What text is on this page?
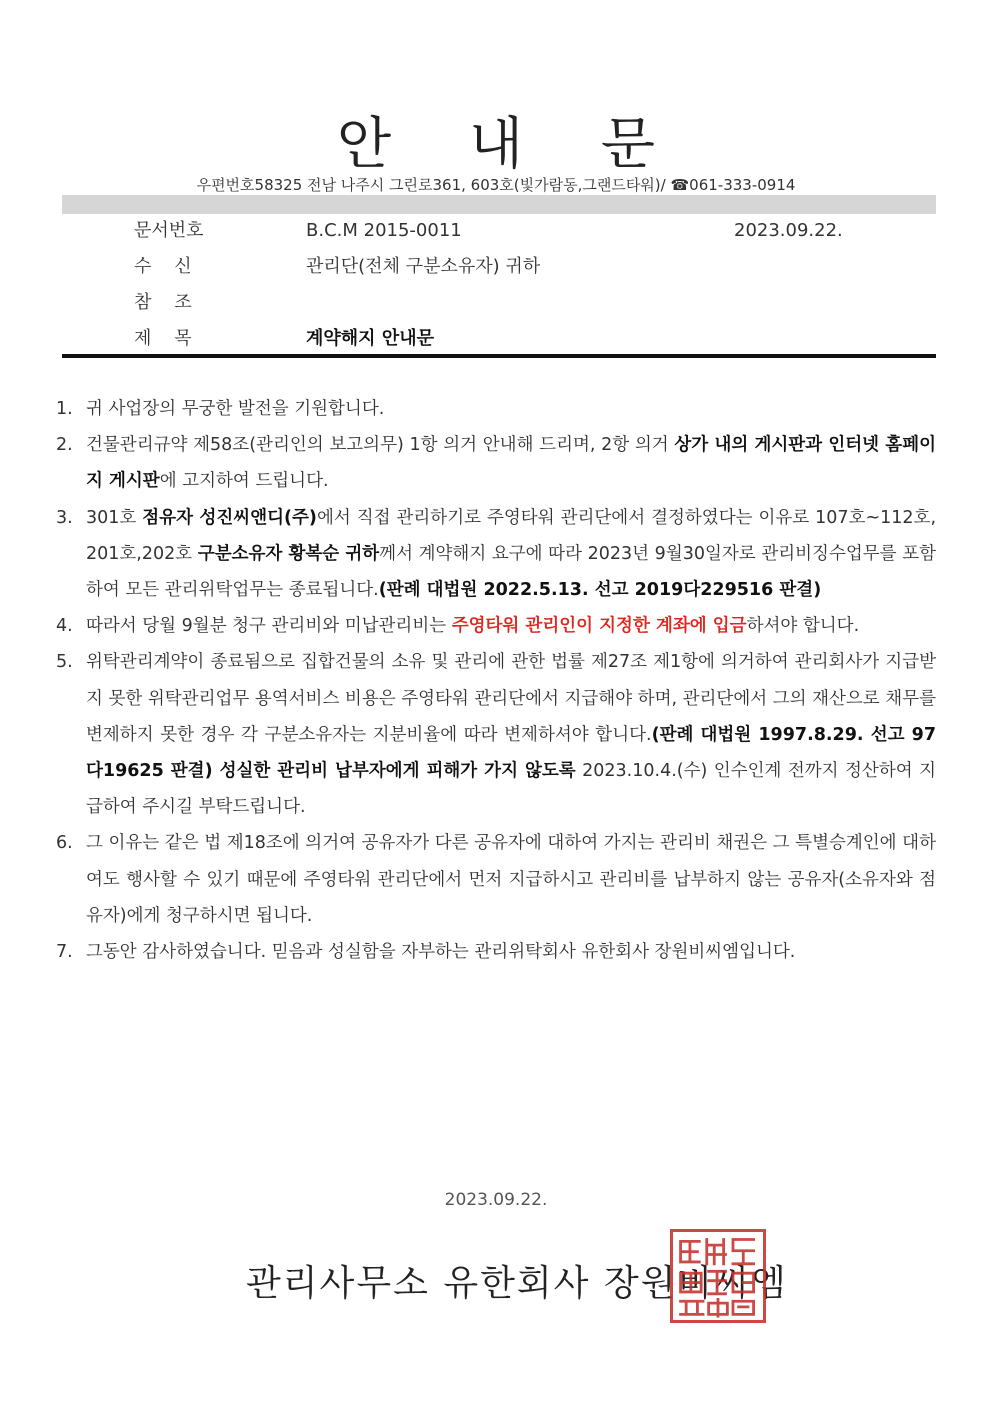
안 내 문
우편번호58325 전남 나주시 그린로361, 603호(빛가람동,그랜드타워)/ ☎061-333-0914
문서번호	B.C.M 2015-0011	2023.09.22.
수    신	관리단(전체 구분소유자) 귀하
참    조
제    목	계약해지 안내문
1. 귀 사업장의 무궁한 발전을 기원합니다.
2. 건물관리규약 제58조(관리인의 보고의무) 1항 의거 안내해 드리며, 2항 의거 상가 내의 게시판과 인터넷 홈페이지 게시판에 고지하여 드립니다.
3. 301호 점유자 성진씨앤디(주)에서 직접 관리하기로 주영타워 관리단에서 결정하였다는 이유로 107호~112호, 201호,202호 구분소유자 황복순 귀하께서 계약해지 요구에 따라 2023년 9월30일자로 관리비징수업무를 포함하여 모든 관리위탁업무는 종료됩니다.(판례 대법원 2022.5.13. 선고 2019다229516 판결)
4. 따라서 당월 9월분 청구 관리비와 미납관리비는 주영타워 관리인이 지정한 계좌에 입금하셔야 합니다.
5. 위탁관리계약이 종료됨으로 집합건물의 소유 및 관리에 관한 법률 제27조 제1항에 의거하여 관리회사가 지급받지 못한 위탁관리업무 용역서비스 비용은 주영타워 관리단에서 지급해야 하며, 관리단에서 그의 재산으로 채무를 변제하지 못한 경우 각 구분소유자는 지분비율에 따라 변제하셔야 합니다.(판례 대법원 1997.8.29. 선고 97다19625 판결) 성실한 관리비 납부자에게 피해가 가지 않도록 2023.10.4.(수) 인수인계 전까지 정산하여 지급하여 주시길 부탁드립니다.
6. 그 이유는 같은 법 제18조에 의거여 공유자가 다른 공유자에 대하여 가지는 관리비 채권은 그 특별승계인에 대하여도 행사할 수 있기 때문에 주영타워 관리단에서 먼저 지급하시고 관리비를 납부하지 않는 공유자(소유자와 점유자)에게 청구하시면 됩니다.
7. 그동안 감사하였습니다. 믿음과 성실함을 자부하는 관리위탁회사 유한회사 장원비씨엠입니다.
2023.09.22.
관리사무소 유한회사 장원비씨엠
